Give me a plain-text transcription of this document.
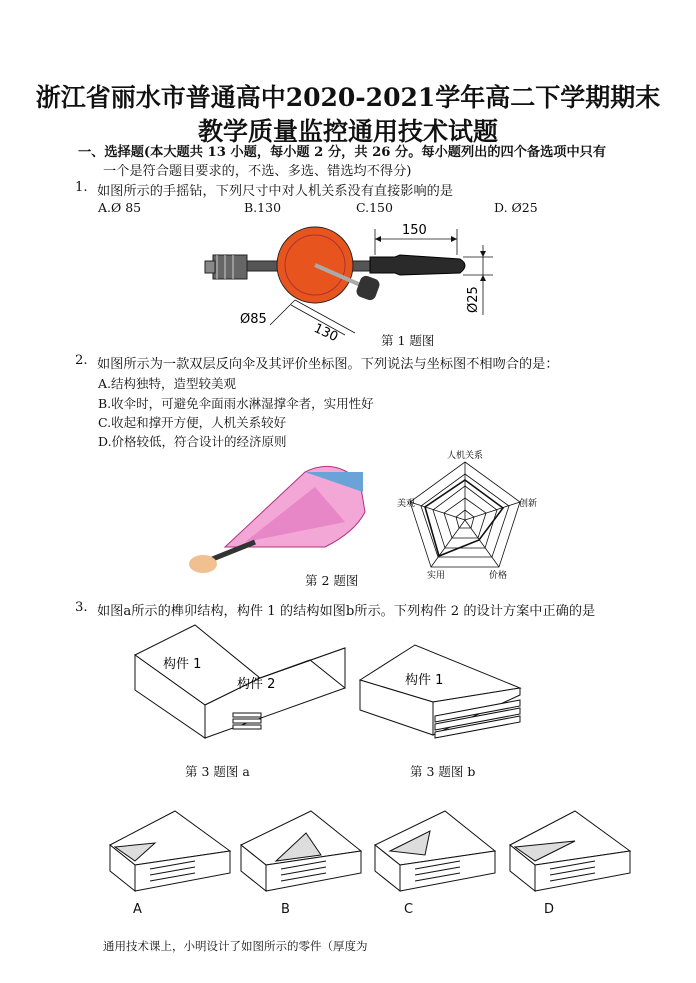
浙江省丽水市普通高中2020-2021学年高二下学期期末
教学质量监控通用技术试题
一、选择题(本大题共 13 小题，每小题 2 分，共 26 分。每小题列出的四个备选项中只有
一个是符合题目要求的，不选、多选、错选均不得分)
1. 如图所示的手摇钻，下列尺寸中对人机关系没有直接影响的是
A.Ø 85	B.130	C.150	D. Ø25
150
Ø25
Ø85
130	第 1 题图
2. 如图所示为一款双层反向伞及其评价坐标图。下列说法与坐标图不相吻合的是：
A.结构独特，造型较美观
B.收伞时，可避免伞面雨水淋湿撑伞者，实用性好
C.收起和撑开方便，人机关系较好
D.价格较低，符合设计的经济原则
第 2 题图
人机关系
创新
价格
实用
美观
3. 如图a所示的榫卯结构，构件 1 的结构如图b所示。下列构件 2 的设计方案中正确的是
构件 1
构件 2
第 3 题图 a
构件 1
第 3 题图 b
A	B	C	D
通用技术课上，小明设计了如图所示的零件（厚度为
